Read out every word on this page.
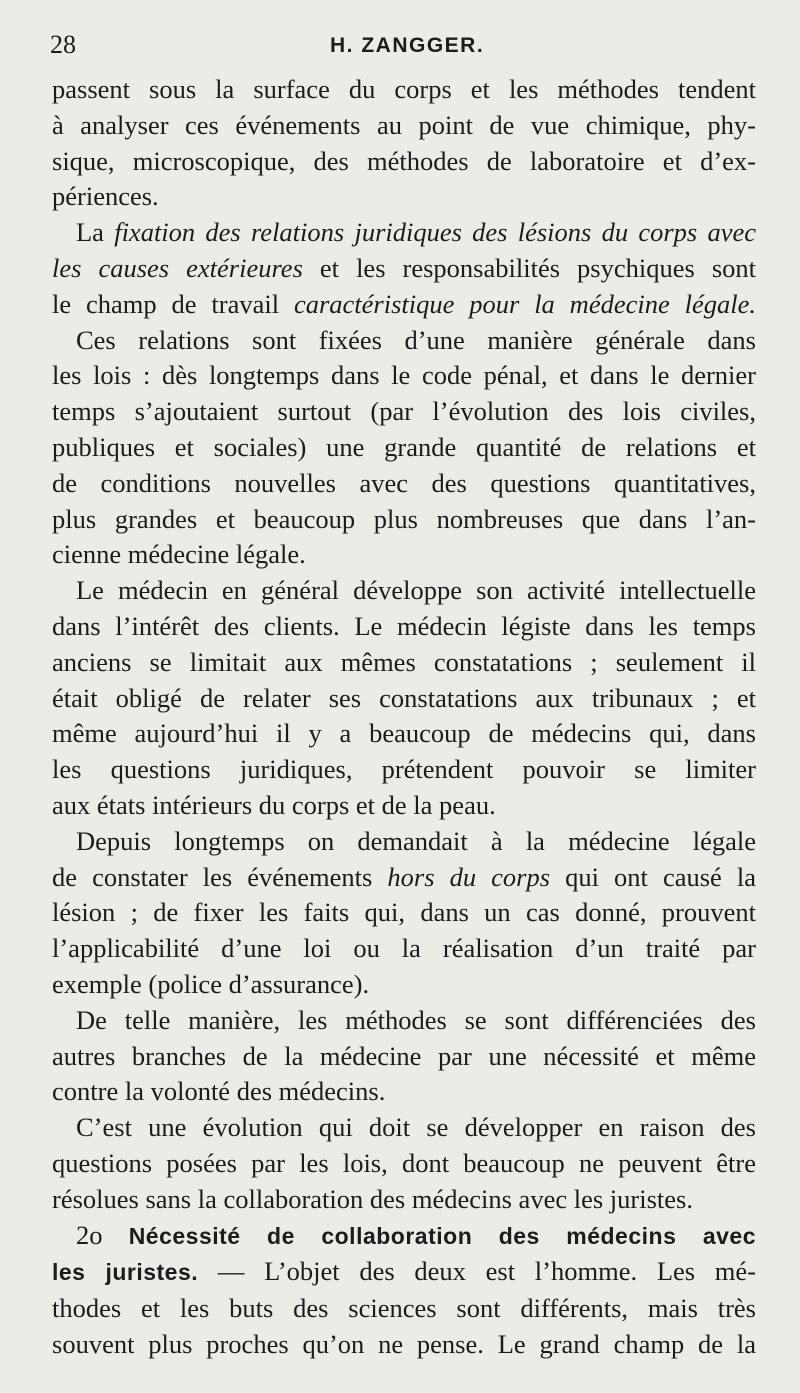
28	H. ZANGGER.
passent sous la surface du corps et les méthodes tendent
à analyser ces événements au point de vue chimique, phy-
sique, microscopique, des méthodes de laboratoire et d’ex-
périences.
La fixation des relations juridiques des lésions du corps avec
les causes extérieures et les responsabilités psychiques sont
le champ de travail caractéristique pour la médecine légale.
Ces relations sont fixées d’une manière générale dans
les lois : dès longtemps dans le code pénal, et dans le dernier
temps s’ajoutaient surtout (par l’évolution des lois civiles,
publiques et sociales) une grande quantité de relations et
de conditions nouvelles avec des questions quantitatives,
plus grandes et beaucoup plus nombreuses que dans l’an-
cienne médecine légale.
Le médecin en général développe son activité intellectuelle
dans l’intérêt des clients. Le médecin légiste dans les temps
anciens se limitait aux mêmes constatations ; seulement il
était obligé de relater ses constatations aux tribunaux ; et
même aujourd’hui il y a beaucoup de médecins qui, dans
les questions juridiques, prétendent pouvoir se limiter
aux états intérieurs du corps et de la peau.
Depuis longtemps on demandait à la médecine légale
de constater les événements hors du corps qui ont causé la
lésion ; de fixer les faits qui, dans un cas donné, prouvent
l’applicabilité d’une loi ou la réalisation d’un traité par
exemple (police d’assurance).
De telle manière, les méthodes se sont différenciées des
autres branches de la médecine par une nécessité et même
contre la volonté des médecins.
C’est une évolution qui doit se développer en raison des
questions posées par les lois, dont beaucoup ne peuvent être
résolues sans la collaboration des médecins avec les juristes.
2o Nécessité de collaboration des médecins avec
les juristes. — L’objet des deux est l’homme. Les mé-
thodes et les buts des sciences sont différents, mais très
souvent plus proches qu’on ne pense. Le grand champ de la
